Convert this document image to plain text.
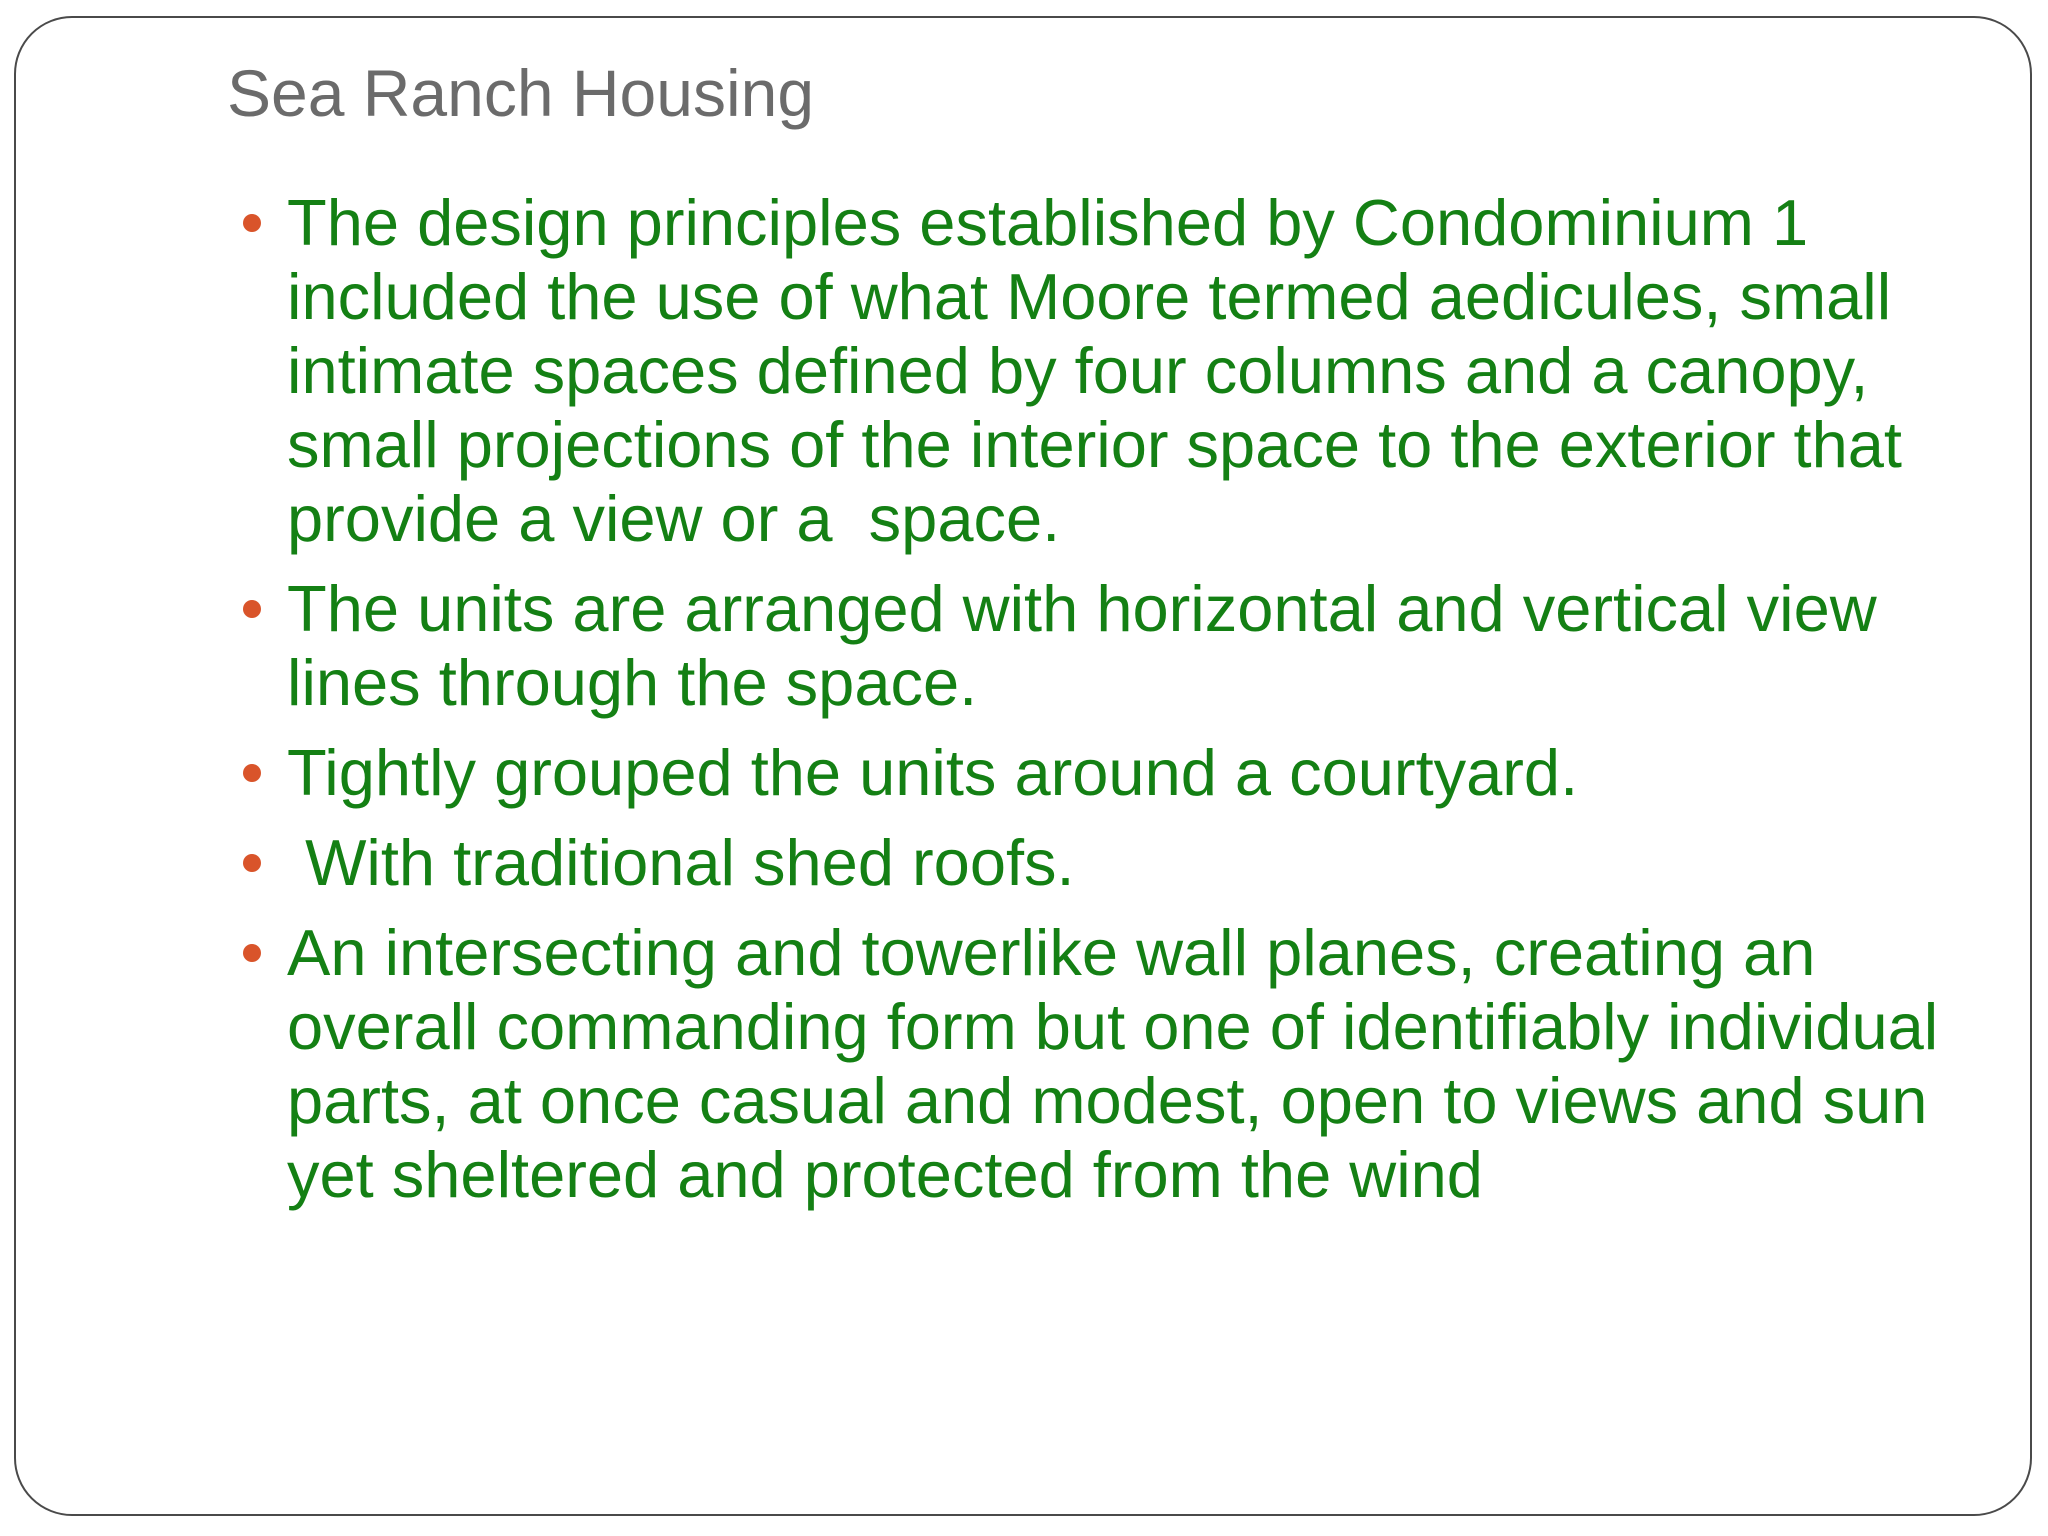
Sea Ranch Housing
The design principles established by Condominium 1 included the use of what Moore termed aedicules, small intimate spaces defined by four columns and a canopy, small projections of the interior space to the exterior that provide a view or a  space.
The units are arranged with horizontal and vertical view lines through the space.
Tightly grouped the units around a courtyard.
With traditional shed roofs.
An intersecting and towerlike wall planes, creating an overall commanding form but one of identifiably individual parts, at once casual and modest, open to views and sun yet sheltered and protected from the wind
